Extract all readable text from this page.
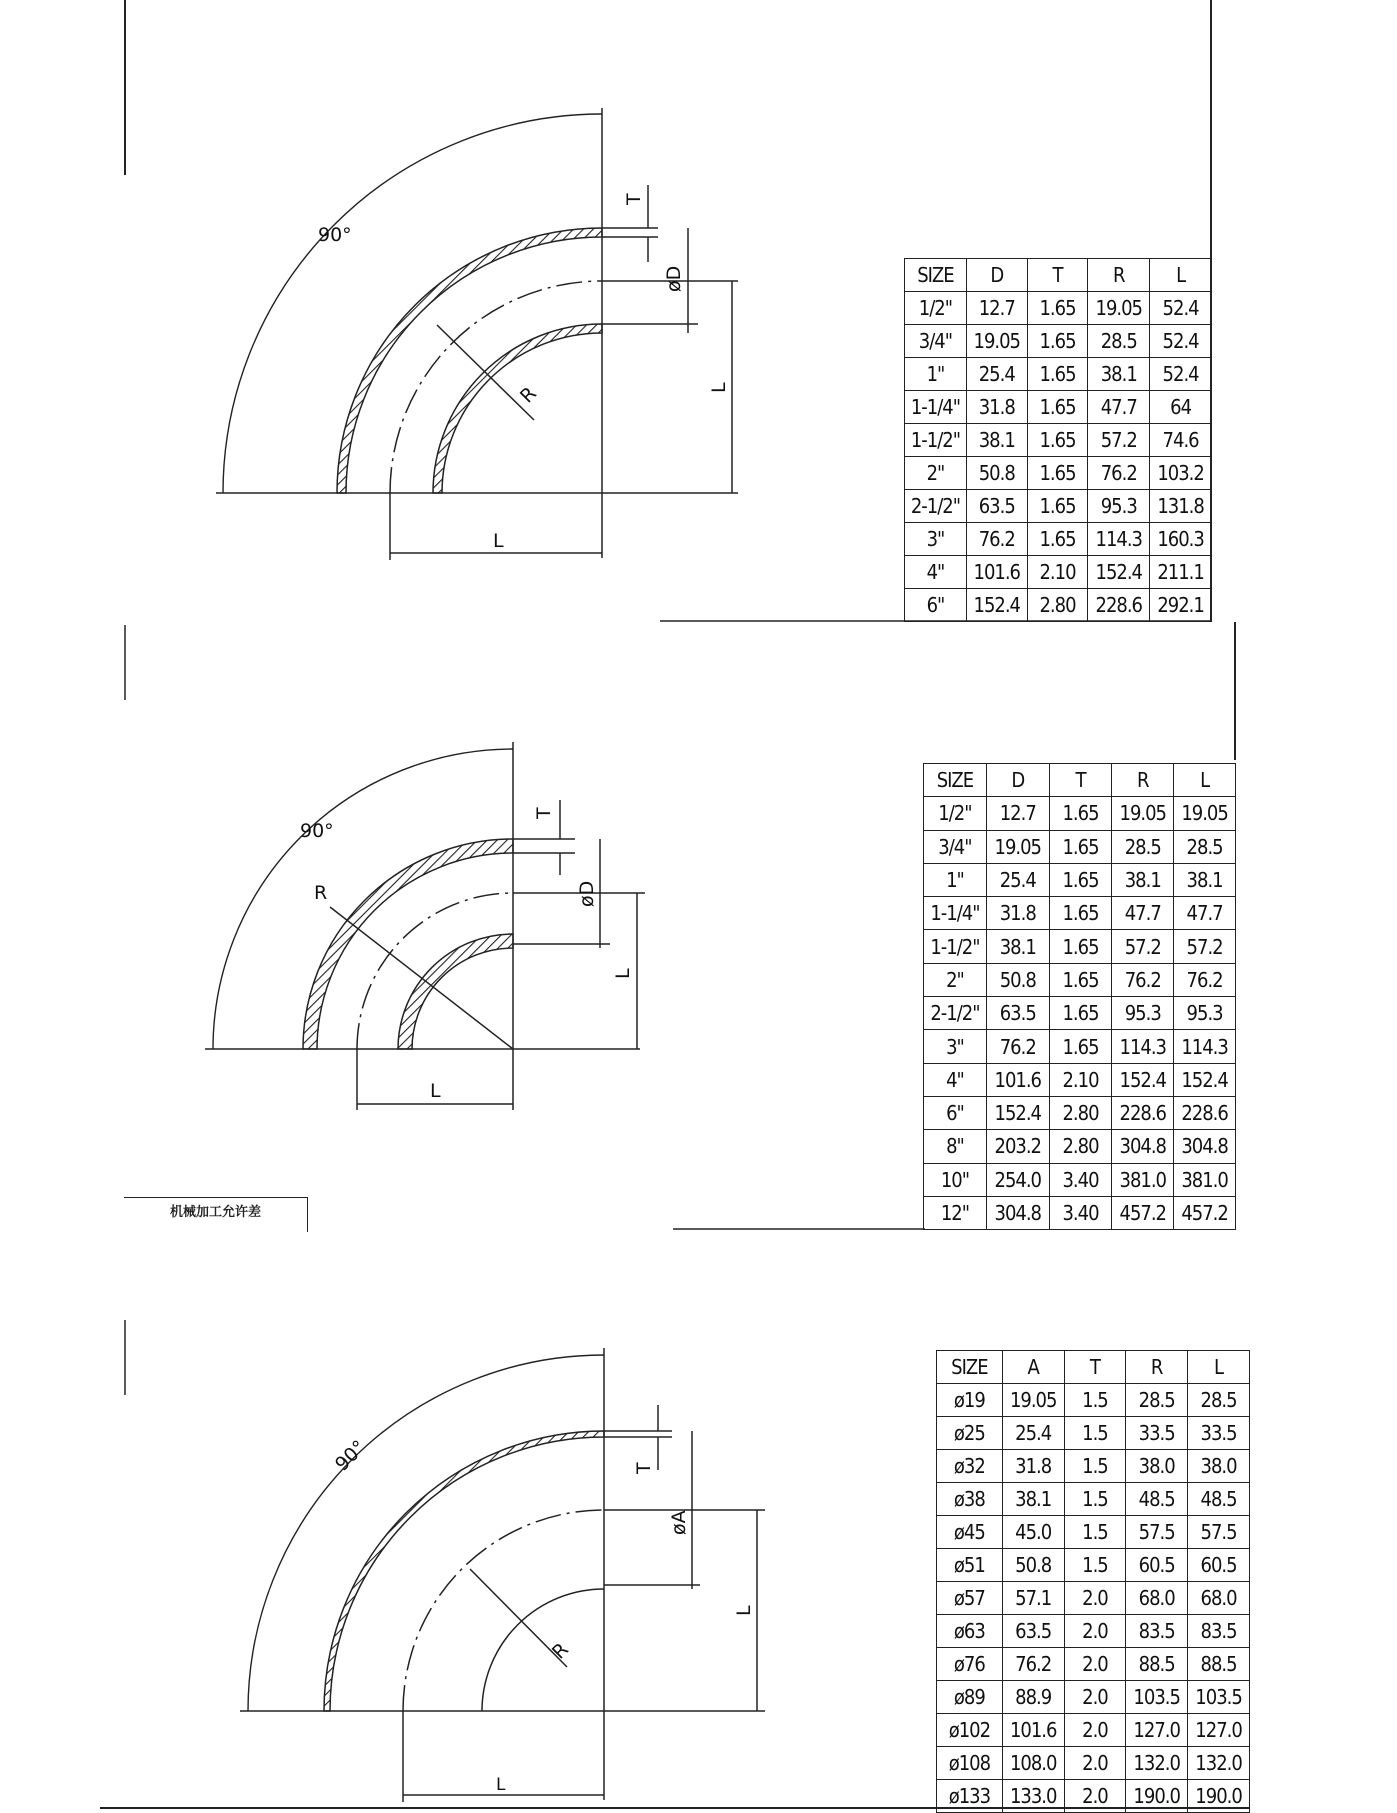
90°
T
øD
L
R
L
90°
R
T
øD
L
L
90°	T
øA
L
R
L
机械加工允许差
SIZE	D	T	R	L
1/2"	12.7	1.65	19.05	52.4
3/4"	19.05	1.65	28.5	52.4
1"	25.4	1.65	38.1	52.4
1-1/4"	31.8	1.65	47.7	64
1-1/2"	38.1	1.65	57.2	74.6
2"	50.8	1.65	76.2	103.2
2-1/2"	63.5	1.65	95.3	131.8
3"	76.2	1.65	114.3	160.3
4"	101.6	2.10	152.4	211.1
6"	152.4	2.80	228.6	292.1
SIZE	D	T	R	L
1/2"	12.7	1.65	19.05	19.05
3/4"	19.05	1.65	28.5	28.5
1"	25.4	1.65	38.1	38.1
1-1/4"	31.8	1.65	47.7	47.7
1-1/2"	38.1	1.65	57.2	57.2
2"	50.8	1.65	76.2	76.2
2-1/2"	63.5	1.65	95.3	95.3
3"	76.2	1.65	114.3	114.3
4"	101.6	2.10	152.4	152.4
6"	152.4	2.80	228.6	228.6
8"	203.2	2.80	304.8	304.8
10"	254.0	3.40	381.0	381.0
12"	304.8	3.40	457.2	457.2
SIZE	A	T	R	L
ø19	19.05	1.5	28.5	28.5
ø25	25.4	1.5	33.5	33.5
ø32	31.8	1.5	38.0	38.0
ø38	38.1	1.5	48.5	48.5
ø45	45.0	1.5	57.5	57.5
ø51	50.8	1.5	60.5	60.5
ø57	57.1	2.0	68.0	68.0
ø63	63.5	2.0	83.5	83.5
ø76	76.2	2.0	88.5	88.5
ø89	88.9	2.0	103.5	103.5
ø102	101.6	2.0	127.0	127.0
ø108	108.0	2.0	132.0	132.0
ø133	133.0	2.0	190.0	190.0
